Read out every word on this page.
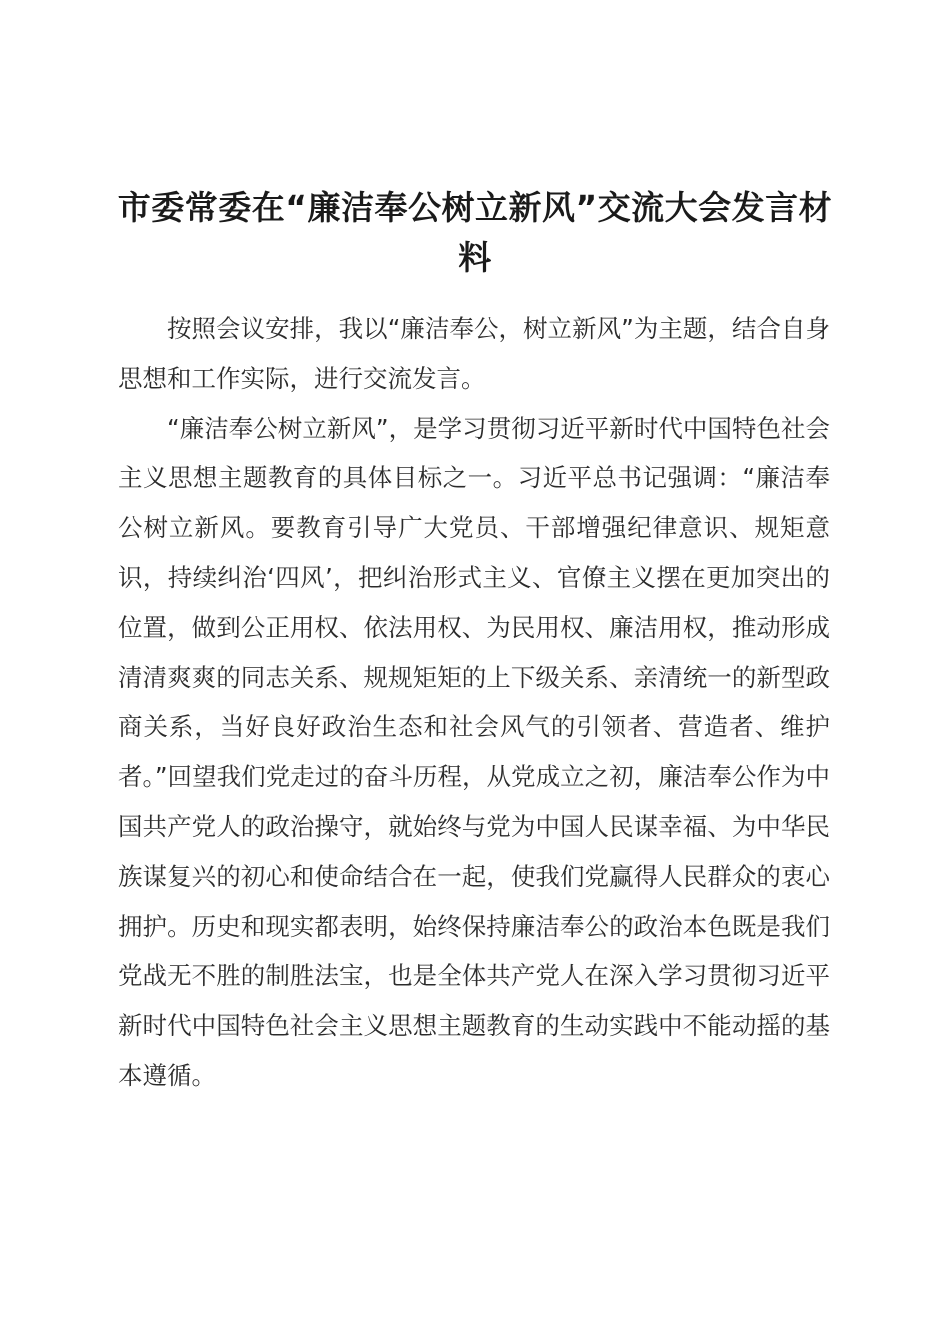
市委常委在“廉洁奉公树立新风”交流大会发言材料

按照会议安排，我以“廉洁奉公，树立新风”为主题，结合自身思想和工作实际，进行交流发言。

“廉洁奉公树立新风”，是学习贯彻习近平新时代中国特色社会主义思想主题教育的具体目标之一。习近平总书记强调：“廉洁奉公树立新风。要教育引导广大党员、干部增强纪律意识、规矩意识，持续纠治‘四风’，把纠治形式主义、官僚主义摆在更加突出的位置，做到公正用权、依法用权、为民用权、廉洁用权，推动形成清清爽爽的同志关系、规规矩矩的上下级关系、亲清统一的新型政商关系，当好良好政治生态和社会风气的引领者、营造者、维护者。”回望我们党走过的奋斗历程，从党成立之初，廉洁奉公作为中国共产党人的政治操守，就始终与党为中国人民谋幸福、为中华民族谋复兴的初心和使命结合在一起，使我们党赢得人民群众的衷心拥护。历史和现实都表明，始终保持廉洁奉公的政治本色既是我们党战无不胜的制胜法宝，也是全体共产党人在深入学习贯彻习近平新时代中国特色社会主义思想主题教育的生动实践中不能动摇的基本遵循。
